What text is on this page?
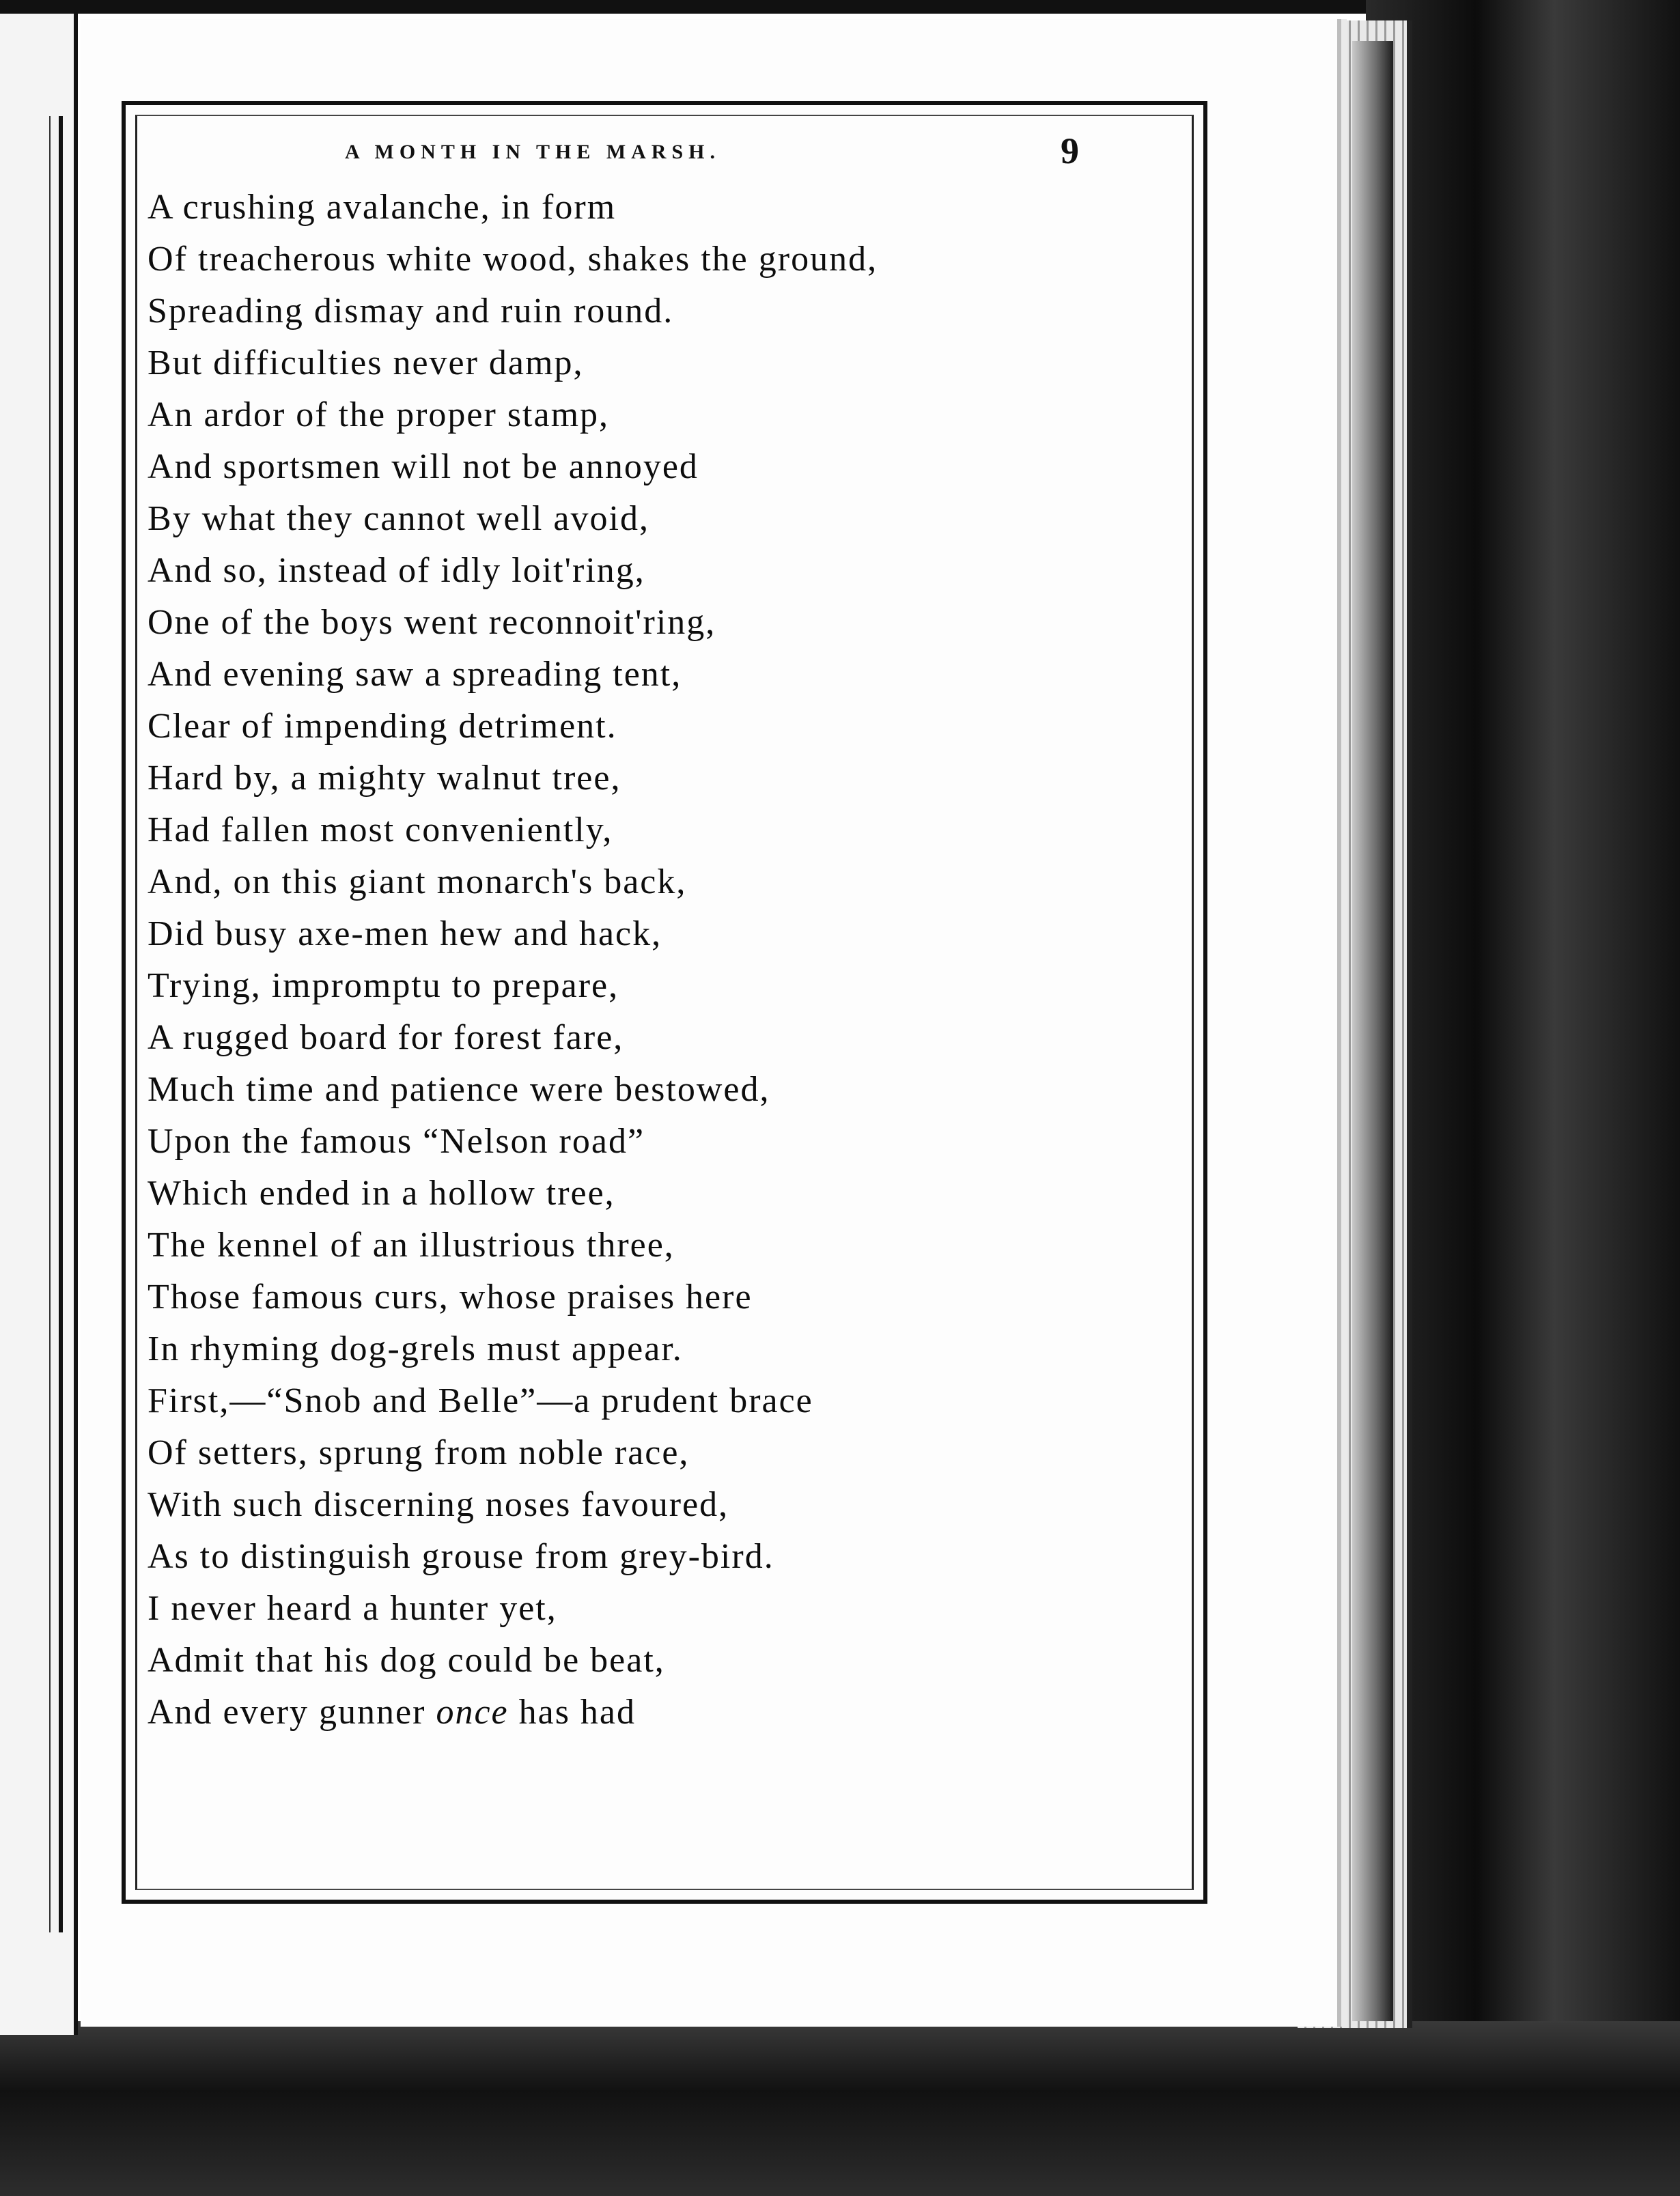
A MONTH IN THE MARSH.	9
A crushing avalanche, in form
Of treacherous white wood, shakes the ground,
Spreading dismay and ruin round.
But difficulties never damp,
An ardor of the proper stamp,
And sportsmen will not be annoyed
By what they cannot well avoid,
And so, instead of idly loit'ring,
One of the boys went reconnoit'ring,
And evening saw a spreading tent,
Clear of impending detriment.
Hard by, a mighty walnut tree,
Had fallen most conveniently,
And, on this giant monarch's back,
Did busy axe-men hew and hack,
Trying, impromptu to prepare,
A rugged board for forest fare,
Much time and patience were bestowed,
Upon the famous “Nelson road”
Which ended in a hollow tree,
The kennel of an illustrious three,
Those famous curs, whose praises here
In rhyming dog-grels must appear.
First,—“Snob and Belle”—a prudent brace
Of setters, sprung from noble race,
With such discerning noses favoured,
As to distinguish grouse from grey-bird.
I never heard a hunter yet,
Admit that his dog could be beat,
And every gunner once has had
